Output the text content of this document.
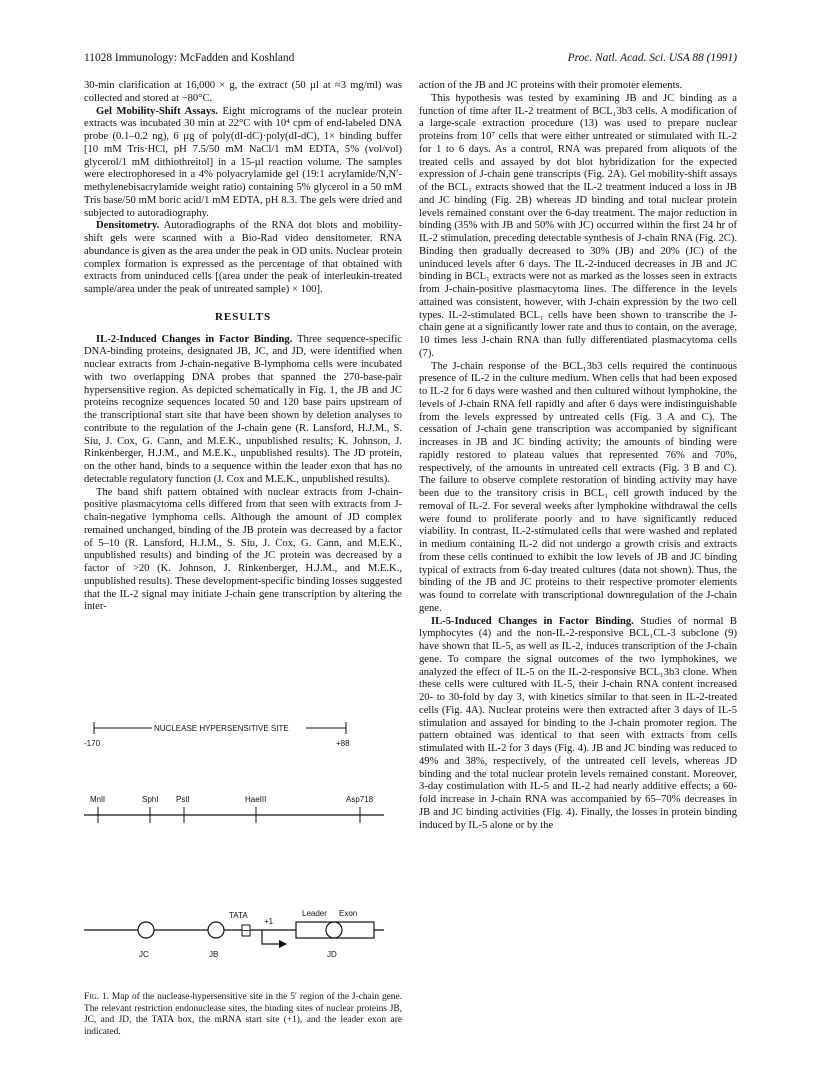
11028 Immunology: McFadden and Koshland	Proc. Natl. Acad. Sci. USA 88 (1991)

30-min clarification at 16,000 × g, the extract (50 µl at ≈3 mg/ml) was collected and stored at −80°C.

Gel Mobility-Shift Assays. Eight micrograms of the nuclear protein extracts was incubated 30 min at 22°C with 10⁴ cpm of end-labeled DNA probe (0.1–0.2 ng), 6 µg of poly(dI-dC)·poly(dI-dC), 1× binding buffer [10 mM Tris·HCl, pH 7.5/50 mM NaCl/1 mM EDTA, 5% (vol/vol) glycerol/1 mM dithiothreitol] in a 15-µl reaction volume. The samples were electrophoresed in a 4% polyacrylamide gel (19:1 acrylamide/N,N′-methylenebisacrylamide weight ratio) containing 5% glycerol in a 50 mM Tris base/50 mM boric acid/1 mM EDTA, pH 8.3. The gels were dried and subjected to autoradiography.

Densitometry. Autoradiographs of the RNA dot blots and mobility-shift gels were scanned with a Bio-Rad video densitometer. RNA abundance is given as the area under the peak in OD units. Nuclear protein complex formation is expressed as the percentage of that obtained with extracts from uninduced cells [(area under the peak of interleukin-treated sample/area under the peak of untreated sample) × 100].

RESULTS

IL-2-Induced Changes in Factor Binding. Three sequence-specific DNA-binding proteins, designated JB, JC, and JD, were identified when nuclear extracts from J-chain-negative B-lymphoma cells were incubated with two overlapping DNA probes that spanned the 270-base-pair hypersensitive region. As depicted schematically in Fig. 1, the JB and JC proteins recognize sequences located 50 and 120 base pairs upstream of the transcriptional start site that have been shown by deletion analyses to contribute to the regulation of the J-chain gene (R. Lansford, H.J.M., S. Siu, J. Cox, G. Cann, and M.E.K., unpublished results; K. Johnson, J. Rinkenberger, H.J.M., and M.E.K., unpublished results). The JD protein, on the other hand, binds to a sequence within the leader exon that has no detectable regulatory function (J. Cox and M.E.K., unpublished results).

The band shift pattern obtained with nuclear extracts from J-chain-positive plasmacytoma cells differed from that seen with extracts from J-chain-negative lymphoma cells. Although the amount of JD complex remained unchanged, binding of the JB protein was decreased by a factor of 5–10 (R. Lansford, H.J.M., S. Siu, J. Cox, G. Cann, and M.E.K., unpublished results) and binding of the JC protein was decreased by a factor of >20 (K. Johnson, J. Rinkenberger, H.J.M., and M.E.K., unpublished results). These development-specific binding losses suggested that the IL-2 signal may initiate J-chain gene transcription by altering the inter-

NUCLEASE HYPERSENSITIVE SITE
-170	+88
MnlI	SphI PstI	HaeIII	Asp718
TATA
+1
Leader Exon
JC	JB	JD
Fig. 1. Map of the nuclease-hypersensitive site in the 5′ region of the J-chain gene. The relevant restriction endonuclease sites, the binding sites of nuclear proteins JB, JC, and JD, the TATA box, the mRNA start site (+1), and the leader exon are indicated.

action of the JB and JC proteins with their promoter elements.

This hypothesis was tested by examining JB and JC binding as a function of time after IL-2 treatment of BCL₁3b3 cells. A modification of a large-scale extraction procedure (13) was used to prepare nuclear proteins from 10⁷ cells that were either untreated or stimulated with IL-2 for 1 to 6 days. As a control, RNA was prepared from aliquots of the treated cells and assayed by dot blot hybridization for the expected expression of J-chain gene transcripts (Fig. 2A). Gel mobility-shift assays of the BCL₁ extracts showed that the IL-2 treatment induced a loss in JB and JC binding (Fig. 2B) whereas JD binding and total nuclear protein levels remained constant over the 6-day treatment. The major reduction in binding (35% with JB and 50% with JC) occurred within the first 24 hr of IL-2 stimulation, preceding detectable synthesis of J-chain RNA (Fig. 2C). Binding then gradually decreased to 30% (JB) and 20% (JC) of the uninduced levels after 6 days. The IL-2-induced decreases in JB and JC binding in BCL₁ extracts were not as marked as the losses seen in extracts from J-chain-positive plasmacytoma lines. The difference in the levels attained was consistent, however, with J-chain expression by the two cell types. IL-2-stimulated BCL₁ cells have been shown to transcribe the J-chain gene at a significantly lower rate and thus to contain, on the average, 10 times less J-chain RNA than fully differentiated plasmacytoma cells (7).

The J-chain response of the BCL₁3b3 cells required the continuous presence of IL-2 in the culture medium. When cells that had been exposed to IL-2 for 6 days were washed and then cultured without lymphokine, the levels of J-chain RNA fell rapidly and after 6 days were indistinguishable from the levels expressed by untreated cells (Fig. 3 A and C). The cessation of J-chain gene transcription was accompanied by significant increases in JB and JC binding activity; the amounts of binding were rapidly restored to plateau values that represented 76% and 70%, respectively, of the amounts in untreated cell extracts (Fig. 3 B and C). The failure to observe complete restoration of binding activity may have been due to the transitory crisis in BCL₁ cell growth induced by the removal of IL-2. For several weeks after lymphokine withdrawal the cells were found to proliferate poorly and to have significantly reduced viability. In contrast, IL-2-stimulated cells that were washed and replated in medium containing IL-2 did not undergo a growth crisis and extracts from these cells continued to exhibit the low levels of JB and JC binding typical of extracts from 6-day treated cultures (data not shown). Thus, the binding of the JB and JC proteins to their respective promoter elements was found to correlate with transcriptional downregulation of the J-chain gene.

IL-5-Induced Changes in Factor Binding. Studies of normal B lymphocytes (4) and the non-IL-2-responsive BCL₁CL-3 subclone (9) have shown that IL-5, as well as IL-2, induces transcription of the J-chain gene. To compare the signal outcomes of the two lymphokines, we analyzed the effect of IL-5 on the IL-2-responsive BCL₁3b3 clone. When these cells were cultured with IL-5, their J-chain RNA content increased 20- to 30-fold by day 3, with kinetics similar to that seen in IL-2-treated cells (Fig. 4A). Nuclear proteins were then extracted after 3 days of IL-5 stimulation and assayed for binding to the J-chain promoter region. The pattern obtained was identical to that seen with extracts from cells stimulated with IL-2 for 3 days (Fig. 4). JB and JC binding was reduced to 49% and 38%, respectively, of the untreated cell levels, whereas JD binding and the total nuclear protein levels remained constant. Moreover, 3-day costimulation with IL-5 and IL-2 had nearly additive effects; a 60-fold increase in J-chain RNA was accompanied by 65–70% decreases in JB and JC binding activities (Fig. 4). Finally, the losses in protein binding induced by IL-5 alone or by the
